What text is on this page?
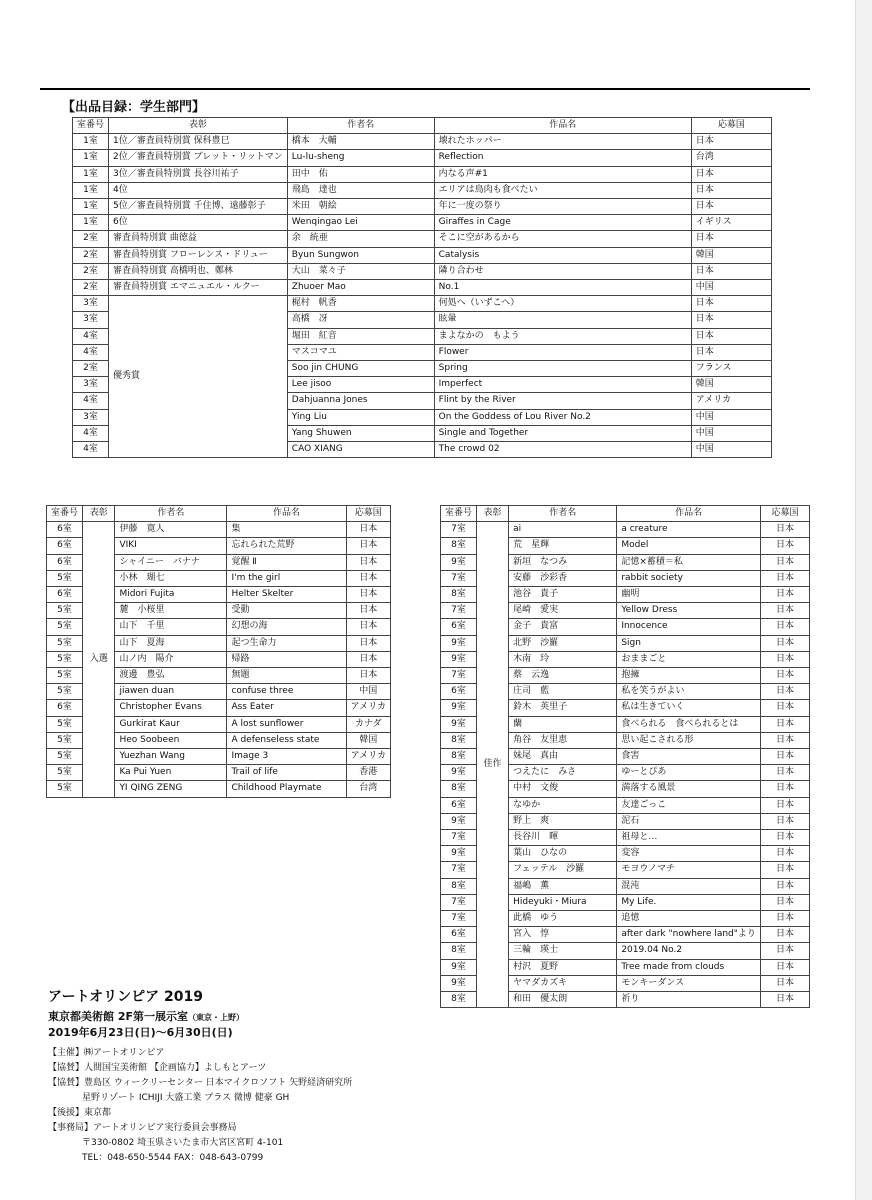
【出品目録：学生部門】
室番号	表彰	作者名	作品名	応募国
1室	1位／審査員特別賞 保科豊巳	橋本　大輔	壊れたホッパー	日本
1室	2位／審査員特別賞 ブレット・リットマン	Lu-lu-sheng	Reflection	台湾
1室	3位／審査員特別賞 長谷川祐子	田中　佑	内なる声#1	日本
1室	4位	飛島　達也	エリアは鳥肉も食べたい	日本
1室	5位／審査員特別賞 千住博、遠藤彰子	米田　朝絵	年に一度の祭り	日本
1室	6位	Wenqingao Lei	Giraffes in Cage	イギリス
2室	審査員特別賞 曲徳益	余　統亜	そこに空があるから	日本
2室	審査員特別賞 フローレンス・ドリュー	Byun Sungwon	Catalysis	韓国
2室	審査員特別賞 高橋明也、鄭林	大山　菜々子	隣り合わせ	日本
2室	審査員特別賞 エマニュエル・ルクー	Zhuoer Mao	No.1	中国
3室	優秀賞	梶村　帆香	何処へ（いずこへ）	日本
3室		高橋　冴	眩暈	日本
4室		堀田　紅音	まよなかの　もよう	日本
4室		マスコマユ	Flower	日本
2室		Soo jin CHUNG	Spring	フランス
3室		Lee jisoo	Imperfect	韓国
4室		Dahjuanna Jones	Flint by the River	アメリカ
3室		Ying Liu	On the Goddess of Lou River No.2	中国
4室		Yang Shuwen	Single and Together	中国
4室		CAO XIANG	The crowd 02	中国
室番号	表彰	作者名	作品名	応募国
6室	入選	伊藤　寛人	集	日本
6室		VIKI	忘れられた荒野	日本
6室		シャイニー　バナナ	覚醒 Ⅱ	日本
5室		小林　瑚七	I'm the girl	日本
6室		Midori Fujita	Helter Skelter	日本
5室		麓　小桜里	受動	日本
5室		山下　千里	幻想の海	日本
5室		山下　夏海	起つ生命力	日本
5室		山ノ内　陽介	帰路	日本
5室		渡邊　豊弘	無題	日本
5室		jiawen duan	confuse three	中国
6室		Christopher Evans	Ass Eater	アメリカ
5室		Gurkirat Kaur	A lost sunflower	カナダ
5室		Heo Soobeen	A defenseless state	韓国
5室		Yuezhan Wang	Image 3	アメリカ
5室		Ka Pui Yuen	Trail of life	香港
5室		YI QING ZENG	Childhood Playmate	台湾
室番号	表彰	作者名	作品名	応募国
7室	佳作	ai	a creature	日本
8室		荒　星輝	Model	日本
9室		新垣　なつみ	記憶×蓄積＝私	日本
7室		安藤　沙彩香	rabbit society	日本
8室		池谷　貴子	幽明	日本
7室		尾崎　愛実	Yellow Dress	日本
6室		金子　貴富	Innocence	日本
9室		北野　沙羅	Sign	日本
9室		木南　玲	おままごと	日本
7室		蔡　云逸	抱擁	日本
6室		庄司　藍	私を笑うがよい	日本
9室		鈴木　英里子	私は生きていく	日本
9室		蘭	食べられる　食べられるとは	日本
8室		角谷　友里恵	思い起こされる形	日本
8室		妹尾　真由	食害	日本
9室		つえたに　みさ	ゆーとぴあ	日本
8室		中村　文俊	満落する風景	日本
6室		なゆか	友達ごっこ	日本
9室		野上　爽	泥石	日本
7室		長谷川　暉	祖母と…	日本
9室		葉山　ひなの	変容	日本
7室		フェッテル　沙羅	モヨウノマチ	日本
8室		福嶋　薫	混沌	日本
7室		Hideyuki・Miura	My Life.	日本
7室		此橋　ゆう	追憶	日本
6室		宮入　惇	after dark "nowhere land"より	日本
8室		三輪　瑛士	2019.04 No.2	日本
9室		村沢　夏野	Tree made from clouds	日本
9室		ヤマダカズキ	モンキーダンス	日本
8室		和田　優太朗	祈り	日本
アートオリンピア 2019
東京都美術館 2F第一展示室（東京・上野）
2019年6月23日(日)～6月30日(日)
【主催】㈱アートオリンピア
【協賛】人間国宝美術館 【企画協力】よしもとアーツ
【協賛】豊島区 ウィークリーセンター 日本マイクロソフト 矢野経済研究所
星野リゾート ICHIJI 大盛工業 プラス 微博 健豪 GH
【後援】東京都
【事務局】アートオリンピア実行委員会事務局
〒330-0802 埼玉県さいたま市大宮区宮町 4-101
TEL：048-650-5544 FAX：048-643-0799
